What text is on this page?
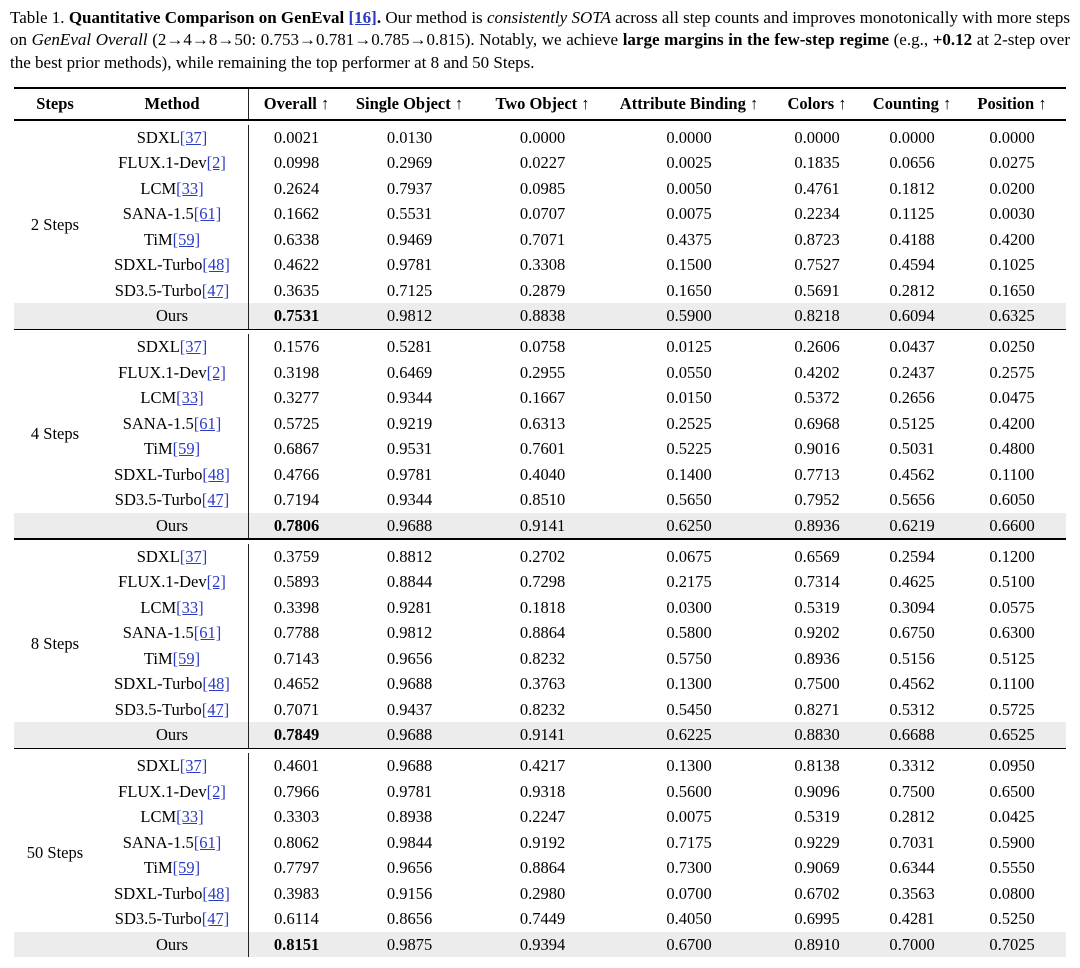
Table 1. Quantitative Comparison on GenEval [16]. Our method is consistently SOTA across all step counts and improves monotonically with more steps on GenEval Overall (2→4→8→50: 0.753→0.781→0.785→0.815). Notably, we achieve large margins in the few-step regime (e.g., +0.12 at 2-step over the best prior methods), while remaining the top performer at 8 and 50 Steps.

Steps	Method	Overall ↑	Single Object ↑	Two Object ↑	Attribute Binding ↑	Colors ↑	Counting ↑	Position ↑
2 Steps
SDXL [37]	0.0021	0.0130	0.0000	0.0000	0.0000	0.0000	0.0000
FLUX.1-Dev [2]	0.0998	0.2969	0.0227	0.0025	0.1835	0.0656	0.0275
LCM [33]	0.2624	0.7937	0.0985	0.0050	0.4761	0.1812	0.0200
SANA-1.5 [61]	0.1662	0.5531	0.0707	0.0075	0.2234	0.1125	0.0030
TiM [59]	0.6338	0.9469	0.7071	0.4375	0.8723	0.4188	0.4200
SDXL-Turbo [48]	0.4622	0.9781	0.3308	0.1500	0.7527	0.4594	0.1025
SD3.5-Turbo [47]	0.3635	0.7125	0.2879	0.1650	0.5691	0.2812	0.1650
Ours	0.7531	0.9812	0.8838	0.5900	0.8218	0.6094	0.6325
4 Steps
SDXL [37]	0.1576	0.5281	0.0758	0.0125	0.2606	0.0437	0.0250
FLUX.1-Dev [2]	0.3198	0.6469	0.2955	0.0550	0.4202	0.2437	0.2575
LCM [33]	0.3277	0.9344	0.1667	0.0150	0.5372	0.2656	0.0475
SANA-1.5 [61]	0.5725	0.9219	0.6313	0.2525	0.6968	0.5125	0.4200
TiM [59]	0.6867	0.9531	0.7601	0.5225	0.9016	0.5031	0.4800
SDXL-Turbo [48]	0.4766	0.9781	0.4040	0.1400	0.7713	0.4562	0.1100
SD3.5-Turbo [47]	0.7194	0.9344	0.8510	0.5650	0.7952	0.5656	0.6050
Ours	0.7806	0.9688	0.9141	0.6250	0.8936	0.6219	0.6600
8 Steps
SDXL [37]	0.3759	0.8812	0.2702	0.0675	0.6569	0.2594	0.1200
FLUX.1-Dev [2]	0.5893	0.8844	0.7298	0.2175	0.7314	0.4625	0.5100
LCM [33]	0.3398	0.9281	0.1818	0.0300	0.5319	0.3094	0.0575
SANA-1.5 [61]	0.7788	0.9812	0.8864	0.5800	0.9202	0.6750	0.6300
TiM [59]	0.7143	0.9656	0.8232	0.5750	0.8936	0.5156	0.5125
SDXL-Turbo [48]	0.4652	0.9688	0.3763	0.1300	0.7500	0.4562	0.1100
SD3.5-Turbo [47]	0.7071	0.9437	0.8232	0.5450	0.8271	0.5312	0.5725
Ours	0.7849	0.9688	0.9141	0.6225	0.8830	0.6688	0.6525
50 Steps
SDXL [37]	0.4601	0.9688	0.4217	0.1300	0.8138	0.3312	0.0950
FLUX.1-Dev [2]	0.7966	0.9781	0.9318	0.5600	0.9096	0.7500	0.6500
LCM [33]	0.3303	0.8938	0.2247	0.0075	0.5319	0.2812	0.0425
SANA-1.5 [61]	0.8062	0.9844	0.9192	0.7175	0.9229	0.7031	0.5900
TiM [59]	0.7797	0.9656	0.8864	0.7300	0.9069	0.6344	0.5550
SDXL-Turbo [48]	0.3983	0.9156	0.2980	0.0700	0.6702	0.3563	0.0800
SD3.5-Turbo [47]	0.6114	0.8656	0.7449	0.4050	0.6995	0.4281	0.5250
Ours	0.8151	0.9875	0.9394	0.6700	0.8910	0.7000	0.7025
